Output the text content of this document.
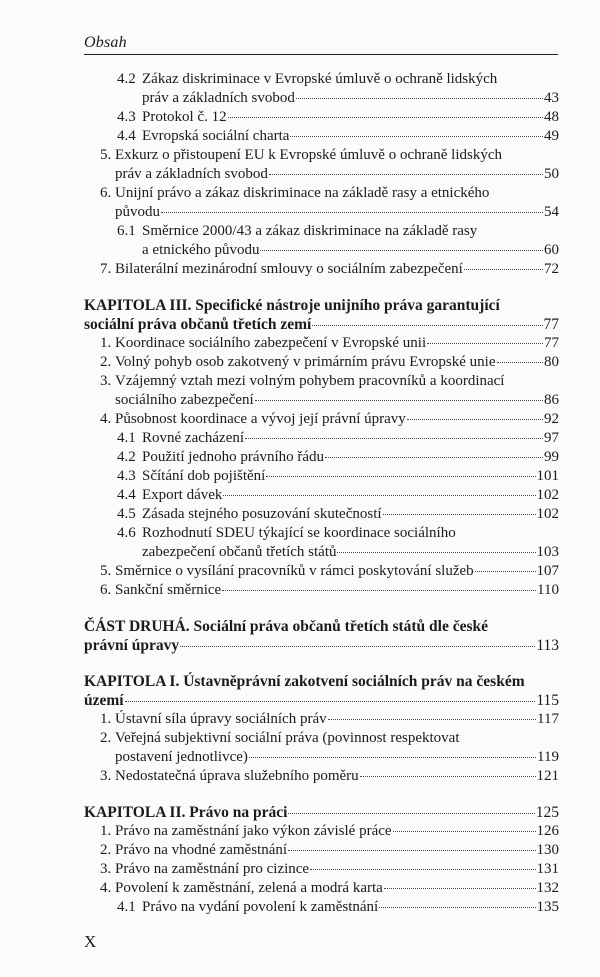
Obsah
4.2 Zákaz diskriminace v Evropské úmluvě o ochraně lidských
práv a základních svobod	43
4.3 Protokol č. 12	48
4.4 Evropská sociální charta	49
5. Exkurz o přistoupení EU k Evropské úmluvě o ochraně lidských
práv a základních svobod	50
6. Unijní právo a zákaz diskriminace na základě rasy a etnického
původu	54
6.1 Směrnice 2000/43 a zákaz diskriminace na základě rasy
a etnického původu	60
7. Bilaterální mezinárodní smlouvy o sociálním zabezpečení	72
KAPITOLA III. Specifické nástroje unijního práva garantující
sociální práva občanů třetích zemí	77
1. Koordinace sociálního zabezpečení v Evropské unii	77
2. Volný pohyb osob zakotvený v primárním právu Evropské unie	80
3. Vzájemný vztah mezi volným pohybem pracovníků a koordinací
sociálního zabezpečení	86
4. Působnost koordinace a vývoj její právní úpravy	92
4.1 Rovné zacházení	97
4.2 Použití jednoho právního řádu	99
4.3 Sčítání dob pojištění	101
4.4 Export dávek	102
4.5 Zásada stejného posuzování skutečností	102
4.6 Rozhodnutí SDEU týkající se koordinace sociálního
zabezpečení občanů třetích států	103
5. Směrnice o vysílání pracovníků v rámci poskytování služeb	107
6. Sankční směrnice	110
ČÁST DRUHÁ. Sociální práva občanů třetích států dle české
právní úpravy	113
KAPITOLA I. Ústavněprávní zakotvení sociálních práv na českém
území	115
1. Ústavní síla úpravy sociálních práv	117
2. Veřejná subjektivní sociální práva (povinnost respektovat
postavení jednotlivce)	119
3. Nedostatečná úprava služebního poměru	121
KAPITOLA II. Právo na práci	125
1. Právo na zaměstnání jako výkon závislé práce	126
2. Právo na vhodné zaměstnání	130
3. Právo na zaměstnání pro cizince	131
4. Povolení k zaměstnání, zelená a modrá karta	132
4.1 Právo na vydání povolení k zaměstnání	135
X
